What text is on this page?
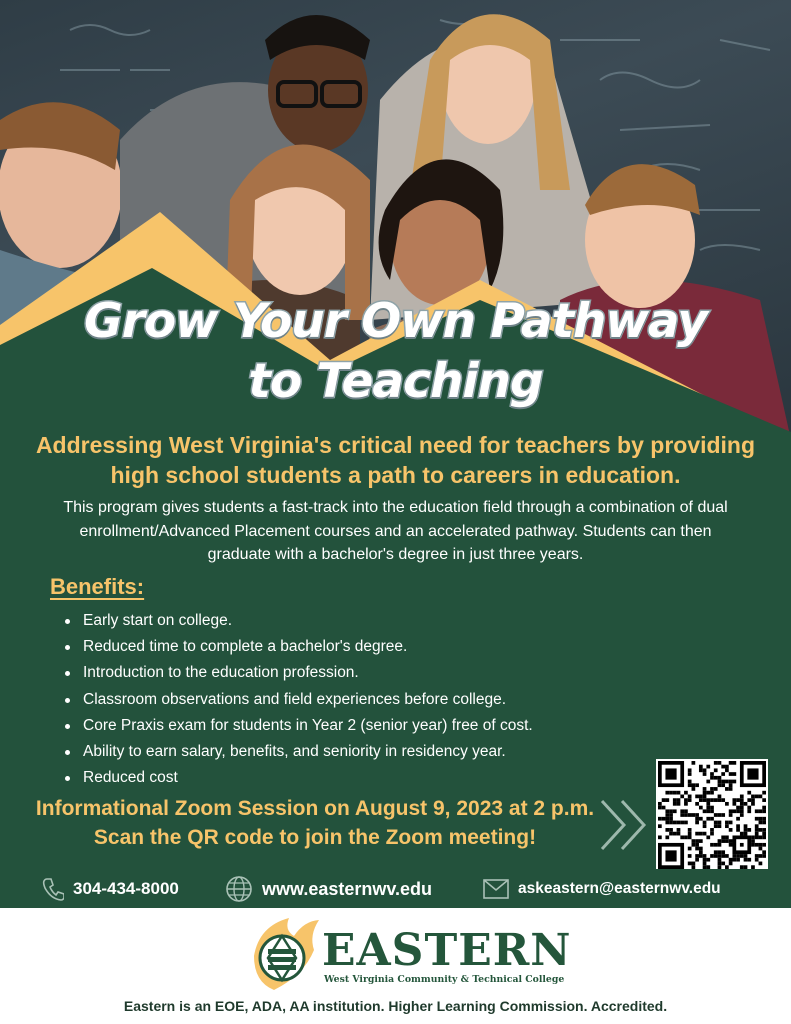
Grow Your Own Pathway
to Teaching
Addressing West Virginia's critical need for teachers by providing high school students a path to careers in education.
This program gives students a fast-track into the education field through a combination of dual enrollment/Advanced Placement courses and an accelerated pathway. Students can then graduate with a bachelor's degree in just three years.
Benefits:
Early start on college.
Reduced time to complete a bachelor's degree.
Introduction to the education profession.
Classroom observations and field experiences before college.
Core Praxis exam for students in Year 2 (senior year) free of cost.
Ability to earn salary, benefits, and seniority in residency year.
Reduced cost
Informational Zoom Session on August 9, 2023 at 2 p.m.
Scan the QR code to join the Zoom meeting!
304-434-8000	www.easternwv.edu	askeastern@easternwv.edu
EASTERN
West Virginia Community & Technical College
Eastern is an EOE, ADA, AA institution. Higher Learning Commission. Accredited.
